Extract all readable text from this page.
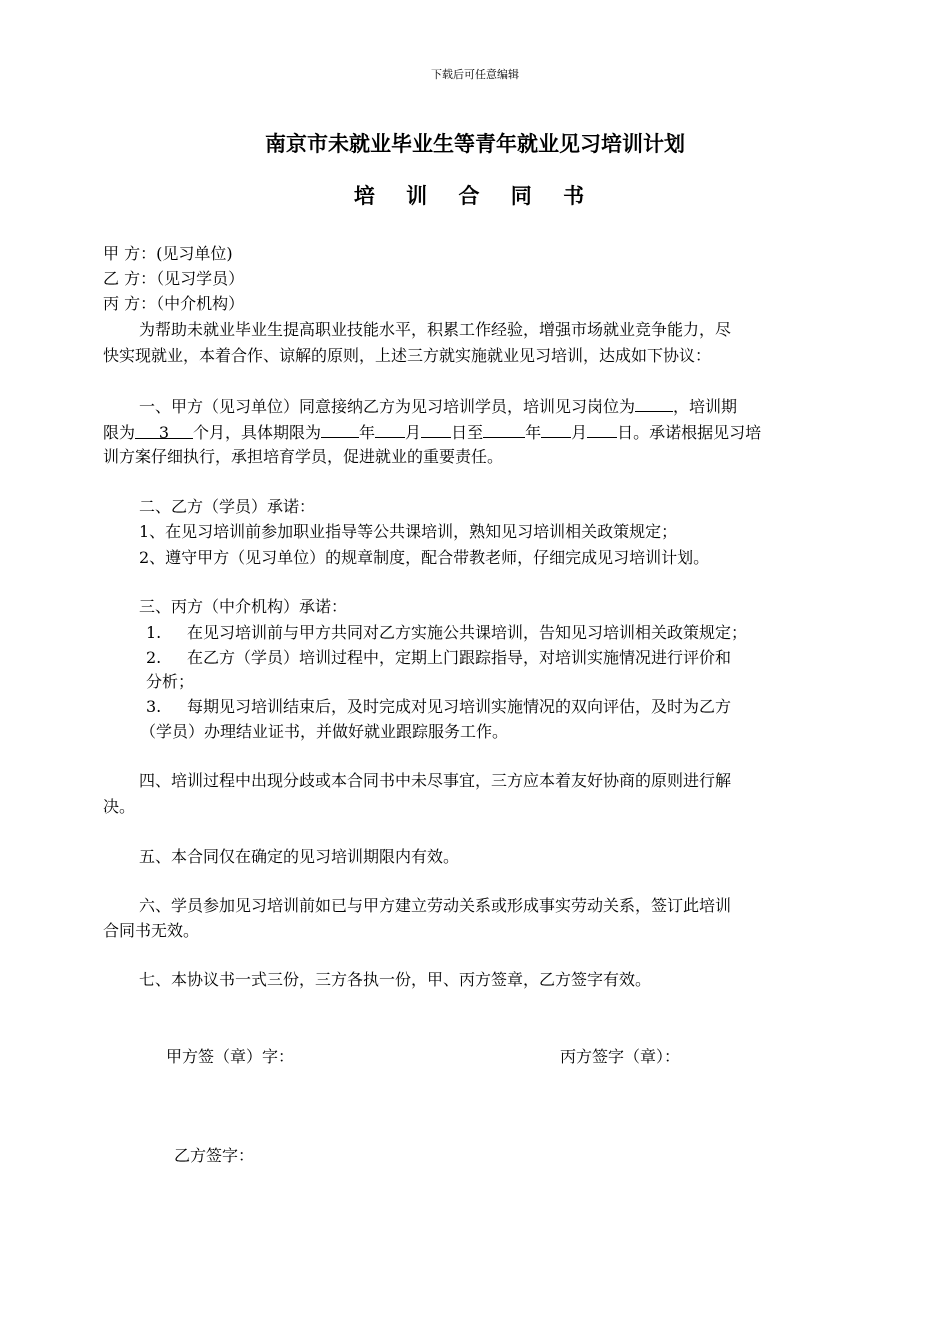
下载后可任意编辑
南京市未就业毕业生等青年就业见习培训计划
培 训 合 同 书
甲 方：(见习单位)
乙 方：（见习学员）
丙 方：（中介机构）
为帮助未就业毕业生提高职业技能水平，积累工作经验，增强市场就业竞争能力，尽
快实现就业，本着合作、谅解的原则，上述三方就实施就业见习培训，达成如下协议：
一、甲方（见习单位）同意接纳乙方为见习培训学员，培训见习岗位为 ，培训期
限为 3 个月，具体期限为 年 月 日至	年 月 日。承诺根据见习培
训方案仔细执行，承担培育学员，促进就业的重要责任。
二、乙方（学员）承诺：
1、在见习培训前参加职业指导等公共课培训，熟知见习培训相关政策规定；
2、遵守甲方（见习单位）的规章制度，配合带教老师，仔细完成见习培训计划。
三、丙方（中介机构）承诺：
1. 在见习培训前与甲方共同对乙方实施公共课培训，告知见习培训相关政策规定；
2. 在乙方（学员）培训过程中，定期上门跟踪指导，对培训实施情况进行评价和
分析；
3. 每期见习培训结束后，及时完成对见习培训实施情况的双向评估，及时为乙方
（学员）办理结业证书，并做好就业跟踪服务工作。
四、培训过程中出现分歧或本合同书中未尽事宜，三方应本着友好协商的原则进行解
决。
五、本合同仅在确定的见习培训期限内有效。
六、学员参加见习培训前如已与甲方建立劳动关系或形成事实劳动关系，签订此培训
合同书无效。
七、本协议书一式三份，三方各执一份，甲、丙方签章，乙方签字有效。
甲方签（章）字：	丙方签字（章）：
乙方签字：
